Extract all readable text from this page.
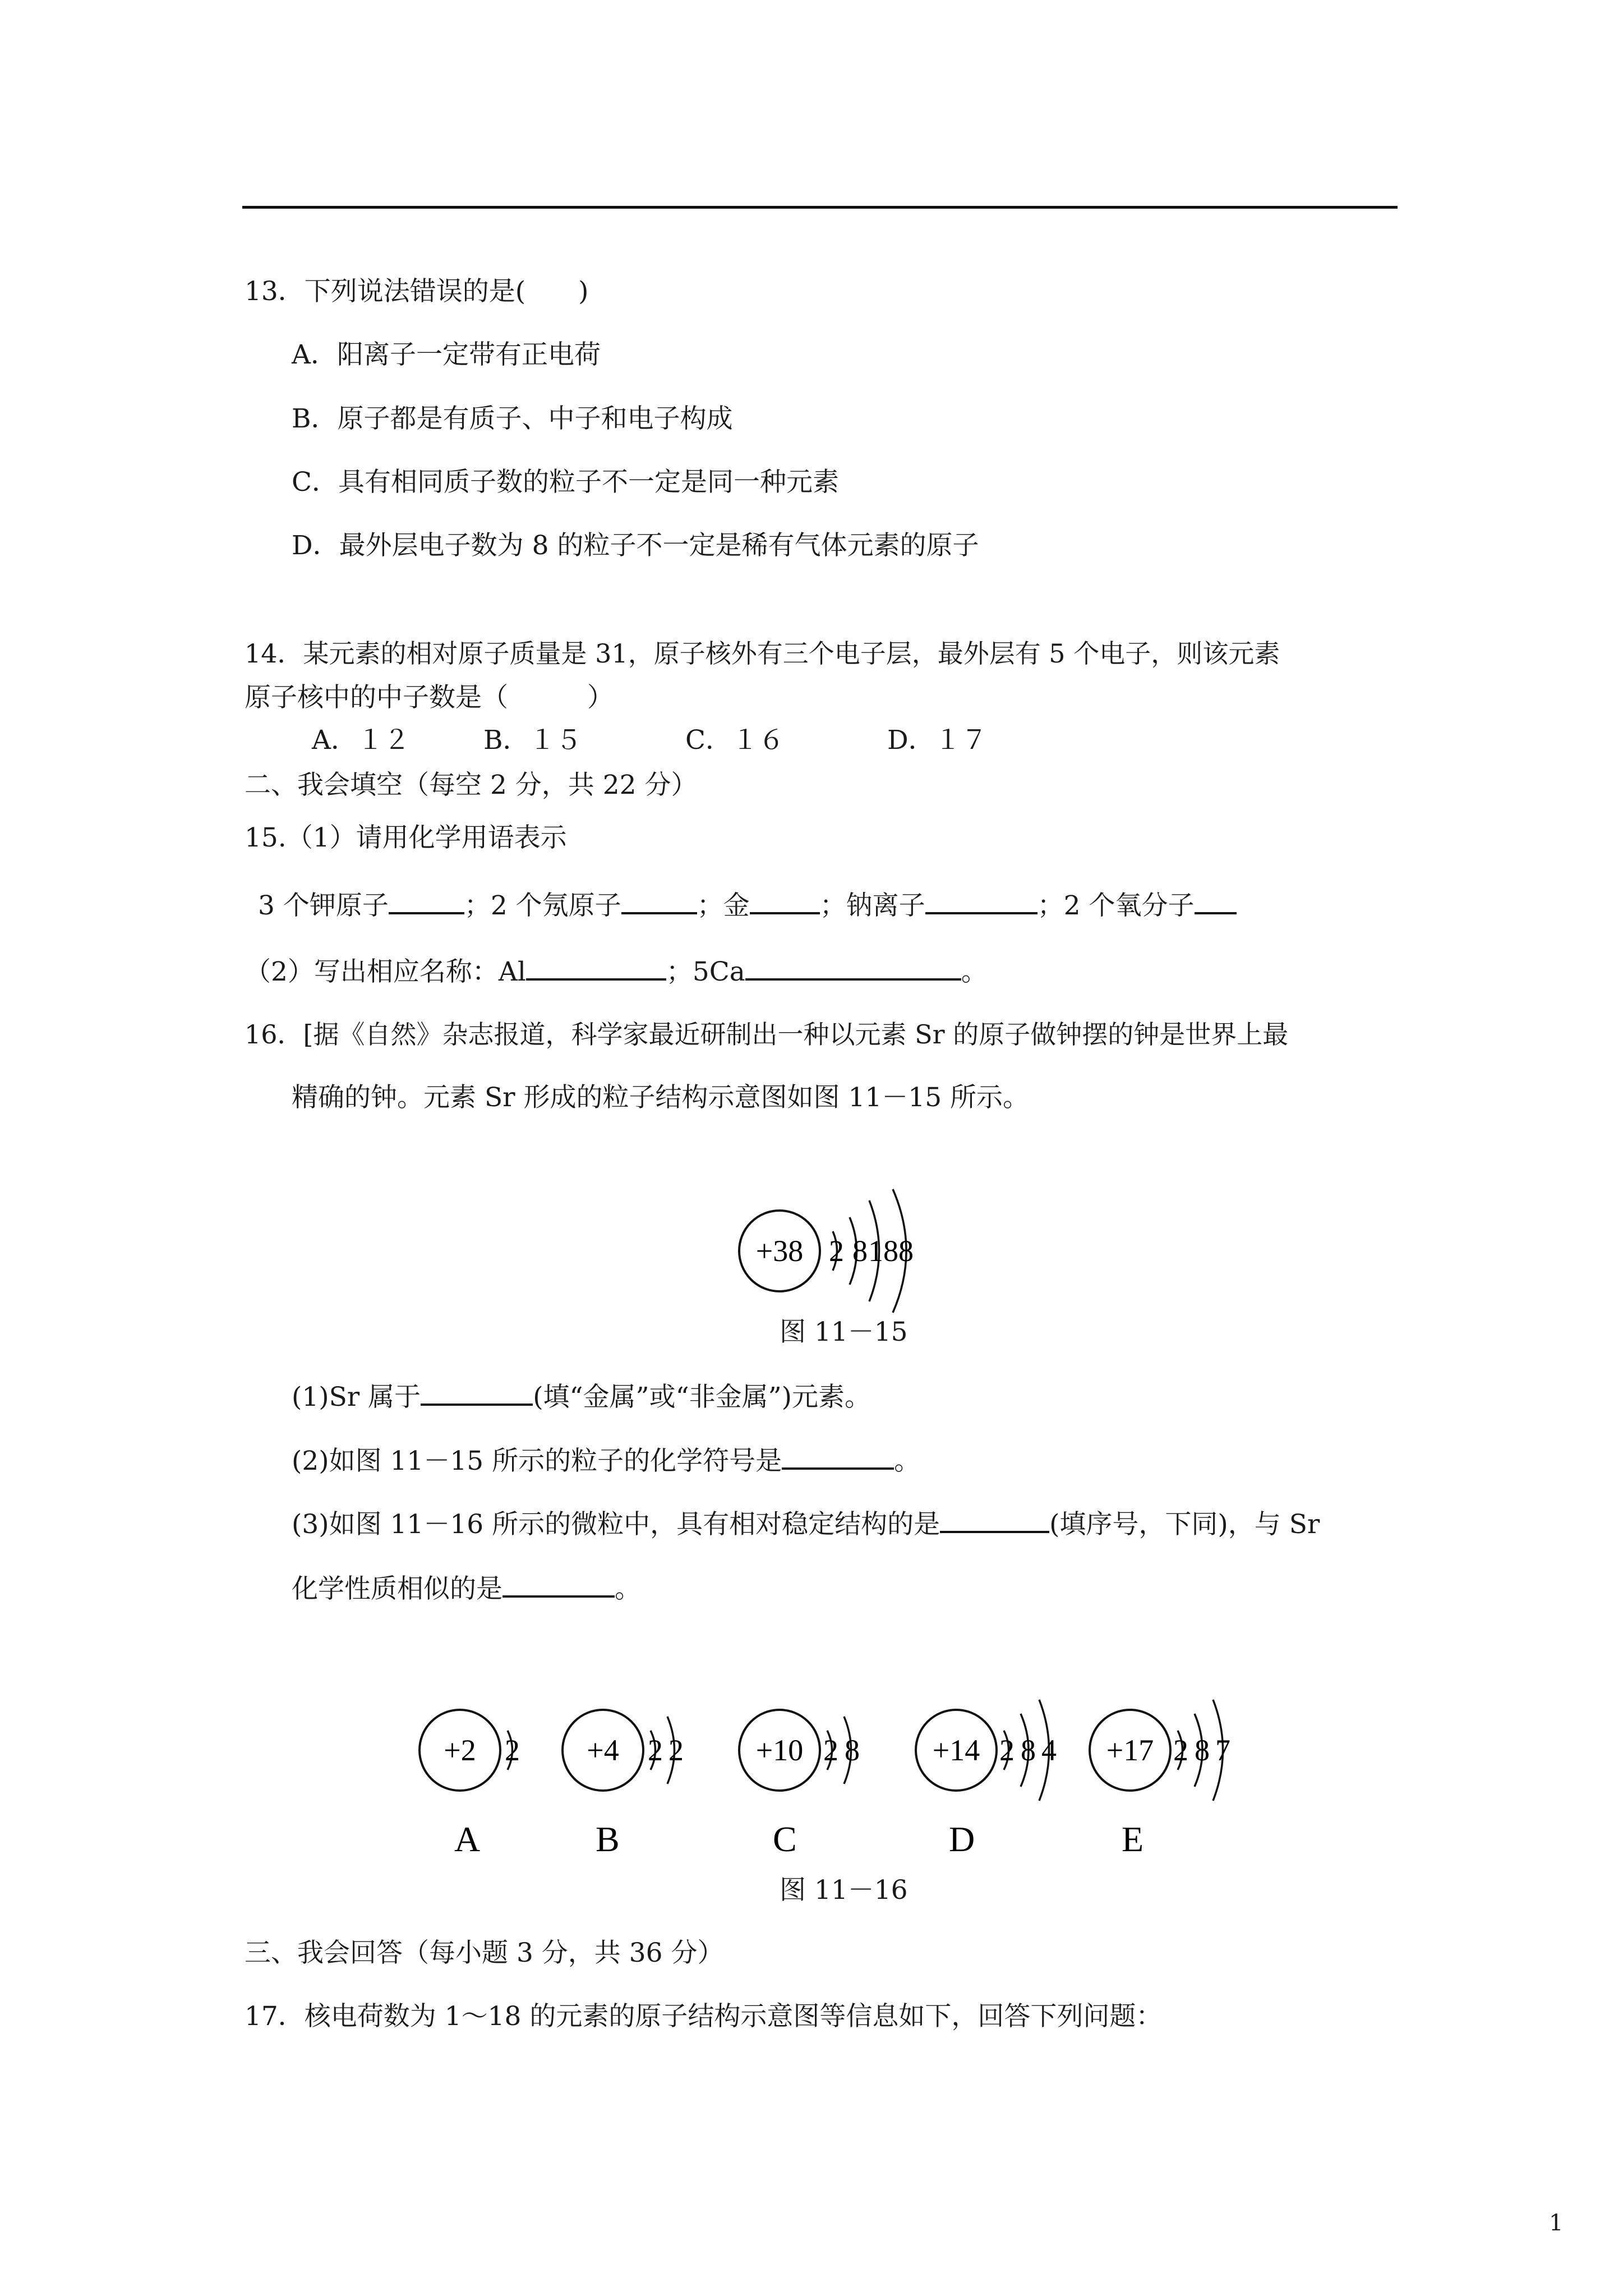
13．下列说法错误的是(　　)
A．阳离子一定带有正电荷
B．原子都是有质子、中子和电子构成
C．具有相同质子数的粒子不一定是同一种元素
D．最外层电子数为 8 的粒子不一定是稀有气体元素的原子
14．某元素的相对原子质量是 31，原子核外有三个电子层，最外层有 5 个电子，则该元素
原子核中的中子数是（　　　）
A．１２	B．１５	C．１６	D．１７
二、我会填空（每空 2 分，共 22 分）
15.（1）请用化学用语表示
3 个钾原子	；2 个氖原子	；金	；钠离子	；2 个氧分子
（2）写出相应名称：Al	；5Ca	。
16．[据《自然》杂志报道，科学家最近研制出一种以元素 Sr 的原子做钟摆的钟是世界上最
精确的钟。元素 Sr 形成的粒子结构示意图如图 11－15 所示。
+38 2 8 18 8
图 11－15
(1)Sr 属于	(填“金属”或“非金属”)元素。
(2)如图 11－15 所示的粒子的化学符号是	。
(3)如图 11－16 所示的微粒中，具有相对稳定结构的是	(填序号，下同)，与 Sr
化学性质相似的是	。
+2 2
A
+4 2 2
B
+10 2 8
C
+14 2 8 4
D
+17 2 8 7
E
图 11－16
三、我会回答（每小题 3 分，共 36 分）
17．核电荷数为 1～18 的元素的原子结构示意图等信息如下，回答下列问题：
1
